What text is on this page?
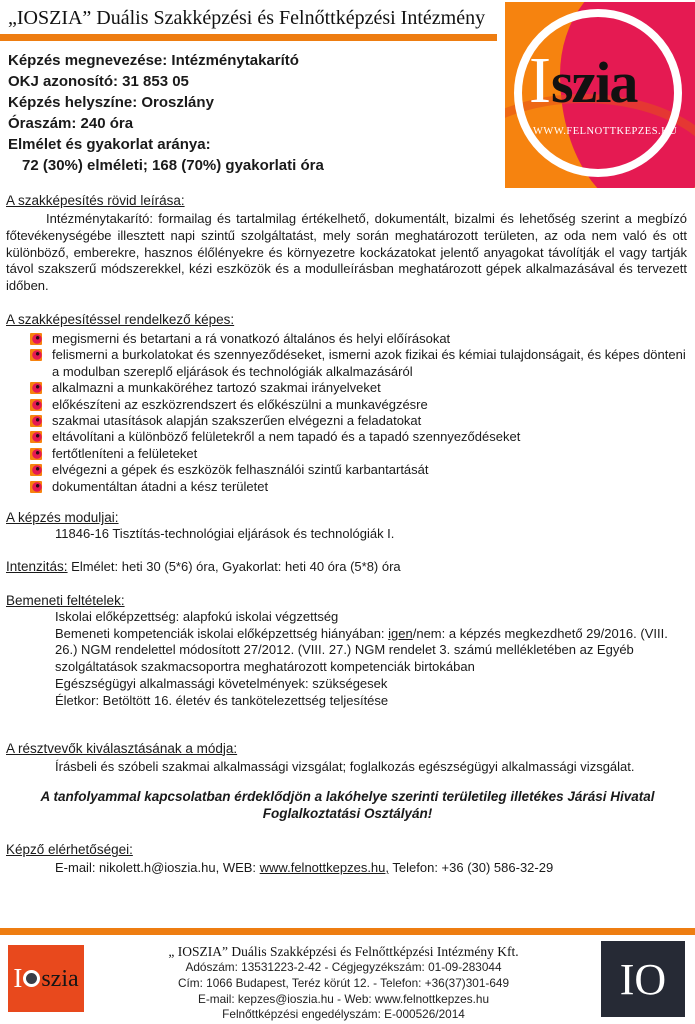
„IOSZIA” Duális Szakképzési és Felnőttképzési Intézmény
Iszia
WWW.FELNOTTKEPZES.HU
Képzés megnevezése: Intézménytakarító
OKJ azonosító: 31 853 05
Képzés helyszíne: Oroszlány
Óraszám: 240 óra
Elmélet és gyakorlat aránya:
72 (30%) elméleti; 168 (70%) gyakorlati óra
A szakképesítés rövid leírása:
Intézménytakarító: formailag és tartalmilag értékelhető, dokumentált, bizalmi és lehetőség szerint a megbízó főtevékenységébe illesztett napi szintű szolgáltatást, mely során meghatározott területen, az oda nem való és ott különböző, emberekre, hasznos élőlényekre és környezetre kockázatokat jelentő anyagokat távolítják el vagy tartják távol szakszerű módszerekkel, kézi eszközök és a modulleírásban meghatározott gépek alkalmazásával és tervezett időben.
A szakképesítéssel rendelkező képes:
megismerni és betartani a rá vonatkozó általános és helyi előírásokat
felismerni a burkolatokat és szennyeződéseket, ismerni azok fizikai és kémiai tulajdonságait, és képes dönteni a modulban szereplő eljárások és technológiák alkalmazásáról
alkalmazni a munkaköréhez tartozó szakmai irányelveket
előkészíteni az eszközrendszert és előkészülni a munkavégzésre
szakmai utasítások alapján szakszerűen elvégezni a feladatokat
eltávolítani a különböző felületekről a nem tapadó és a tapadó szennyeződéseket
fertőtleníteni a felületeket
elvégezni a gépek és eszközök felhasználói szintű karbantartását
dokumentáltan átadni a kész területet
A képzés moduljai:
11846-16 Tisztítás-technológiai eljárások és technológiák I.
Intenzitás: Elmélet: heti 30 (5*6) óra, Gyakorlat: heti 40 óra (5*8) óra
Bemeneti feltételek:
Iskolai előképzettség: alapfokú iskolai végzettség
Bemeneti kompetenciák iskolai előképzettség hiányában: igen/nem: a képzés megkezdhető 29/2016. (VIII. 26.) NGM rendelettel módosított 27/2012. (VIII. 27.) NGM rendelet 3. számú mellékletében az Egyéb szolgáltatások szakmacsoportra meghatározott kompetenciák birtokában
Egészségügyi alkalmassági követelmények: szükségesek
Életkor: Betöltött 16. életév és tankötelezettség teljesítése
A résztvevők kiválasztásának a módja:
Írásbeli és szóbeli szakmai alkalmassági vizsgálat; foglalkozás egészségügyi alkalmassági vizsgálat.
A tanfolyammal kapcsolatban érdeklődjön a lakóhelye szerinti területileg illetékes Járási Hivatal Foglalkoztatási Osztályán!
Képző elérhetőségei:
E-mail: nikolett.h@ioszia.hu, WEB: www.felnottkepzes.hu, Telefon: +36 (30) 586-32-29
I szia
„ IOSZIA” Duális Szakképzési és Felnőttképzési Intézmény Kft.
Adószám: 13531223-2-42 - Cégjegyzékszám: 01-09-283044
Cím: 1066 Budapest, Teréz körút 12. - Telefon: +36(37)301-649
E-mail: kepzes@ioszia.hu - Web: www.felnottkepzes.hu
Felnőttképzési engedélyszám: E-000526/2014
IO
